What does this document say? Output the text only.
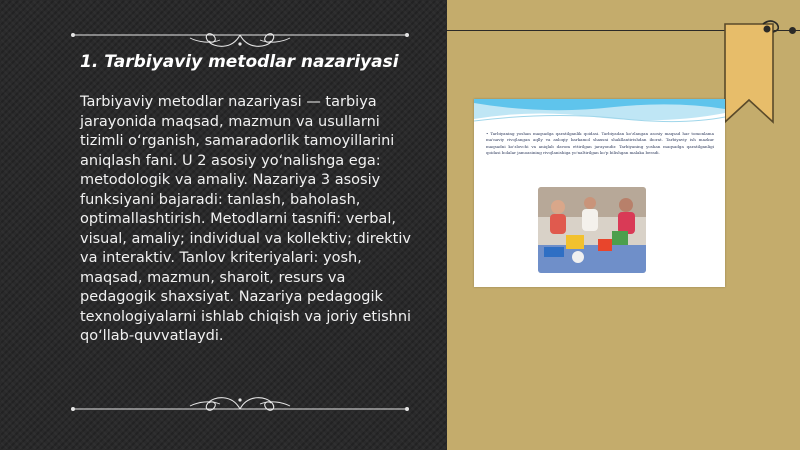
1. Tarbiyaviy metodlar nazariyasi

Tarbiyaviy metodlar nazariyasi — tarbiya jarayonida maqsad, mazmun va usullarni tizimli o‘rganish, samaradorlik tamoyillarini aniqlash fani. U 2 asosiy yo‘nalishga ega: metodologik va amaliy. Nazariya 3 asosiy funksiyani bajaradi: tanlash, baholash, optimallashtirish. Metodlarni tasnifi: verbal, visual, amaliy; individual va kollektiv; direktiv va interaktiv. Tanlov kriteriyalari: yosh, maqsad, mazmun, sharoit, resurs va pedagogik shaxsiyat. Nazariya pedagogik texnologiyalarni ishlab chiqish va joriy etishni qo‘llab-quvvatlaydi.

• Tarbiyaning yoshan maqsadga qaratilganlik qoidasi. Tarbiyadan ko'zlangan asosiy maqsad har tomonlama ma'naviy rivojlangan aqlly va axloqiy barkamol shaxsni shakllantirishdan iborat. Tarbiyaviy ish mazkur maqsadni ko'zlovchi va aniqlab davom ettirilgan jarayondir. Tarbiyaning yoshan maqsadga qaratilganligi qoidasi bolalar jamoasining rivojlanishiga yo'naltirilgan ko'p bilishgan malaka beradi.
